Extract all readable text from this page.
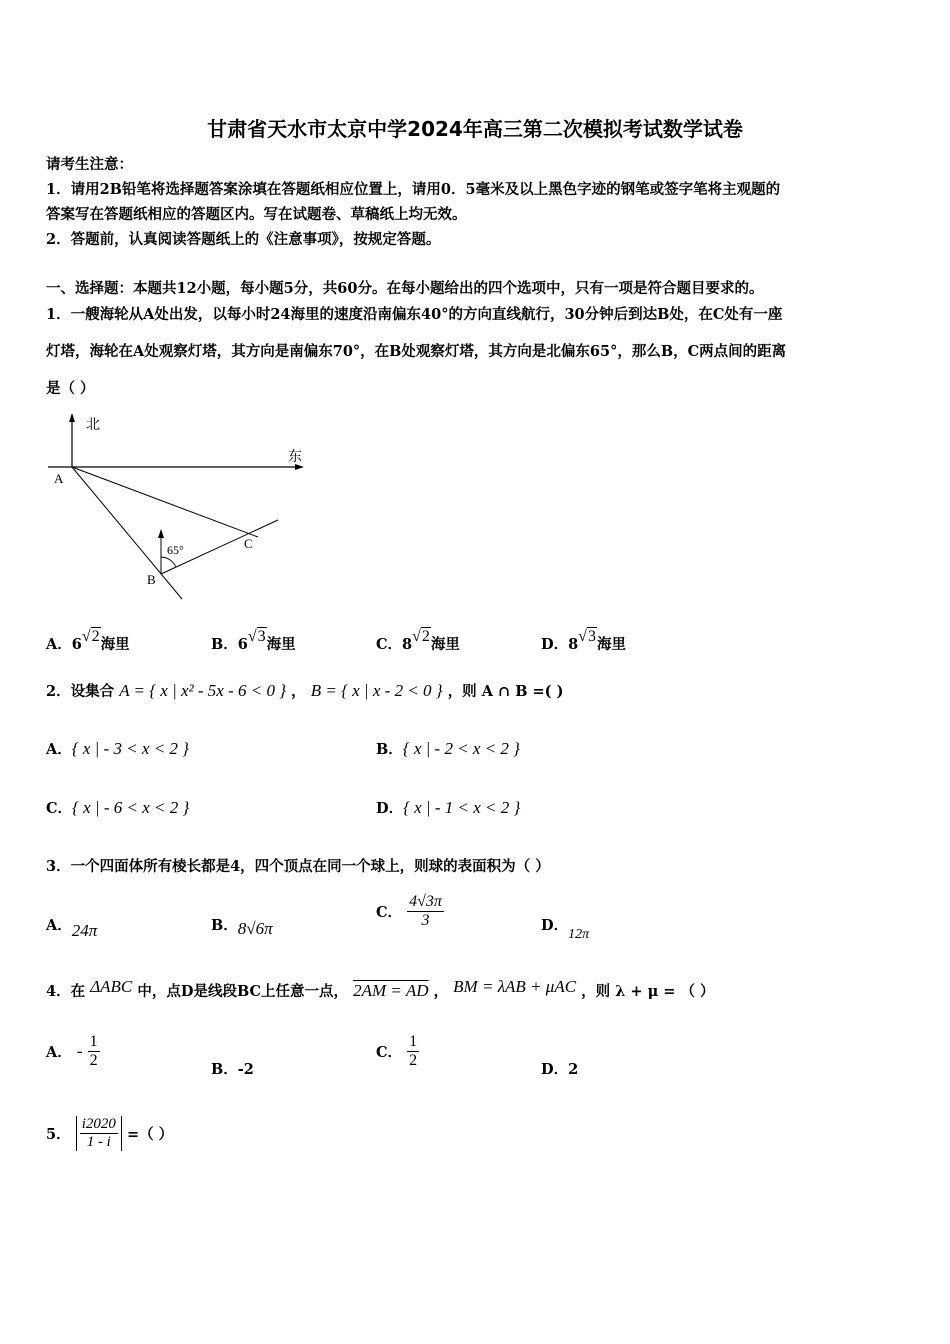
甘肃省天水市太京中学2024年高三第二次模拟考试数学试卷
请考生注意：
1．请用2B铅笔将选择题答案涂填在答题纸相应位置上，请用0．5毫米及以上黑色字迹的钢笔或签字笔将主观题的
答案写在答题纸相应的答题区内。写在试题卷、草稿纸上均无效。
2．答题前，认真阅读答题纸上的《注意事项》，按规定答题。
一、选择题：本题共12小题，每小题5分，共60分。在每小题给出的四个选项中，只有一项是符合题目要求的。
1．一艘海轮从A处出发，以每小时24海里的速度沿南偏东40°的方向直线航行，30分钟后到达B处，在C处有一座
灯塔，海轮在A处观察灯塔，其方向是南偏东70°，在B处观察灯塔，其方向是北偏东65°，那么B，C两点间的距离
是（ ）
北
东
A
B
C
65°
A．6√2海里	B．6√3海里	C．8√2海里	D．8√3海里
2．设集合 A = { x | x² - 5x - 6 < 0 } ， B = { x | x - 2 < 0 } ，则 A ∩ B =( )
A．{ x | - 3 < x < 2 }	B．{ x | - 2 < x < 2 }
C．{ x | - 6 < x < 2 }	D．{ x | - 1 < x < 2 }
3．一个四面体所有棱长都是4，四个顶点在同一个球上，则球的表面积为（ ）
A．24π	B．8√6π
C． $\frac{4√3\pi}{3}$	D．12π
4．在 ΔABC 中，点D是线段BC上任意一点， 2AM = AD ， BM = λAB + μAC ，则 λ + μ = （ ）
A． - $\frac{1}{2}$	B．-2
C． $\frac{1}{2}$	D．2
5． $\frac{i2020}{1 - i}$ =（ ）
